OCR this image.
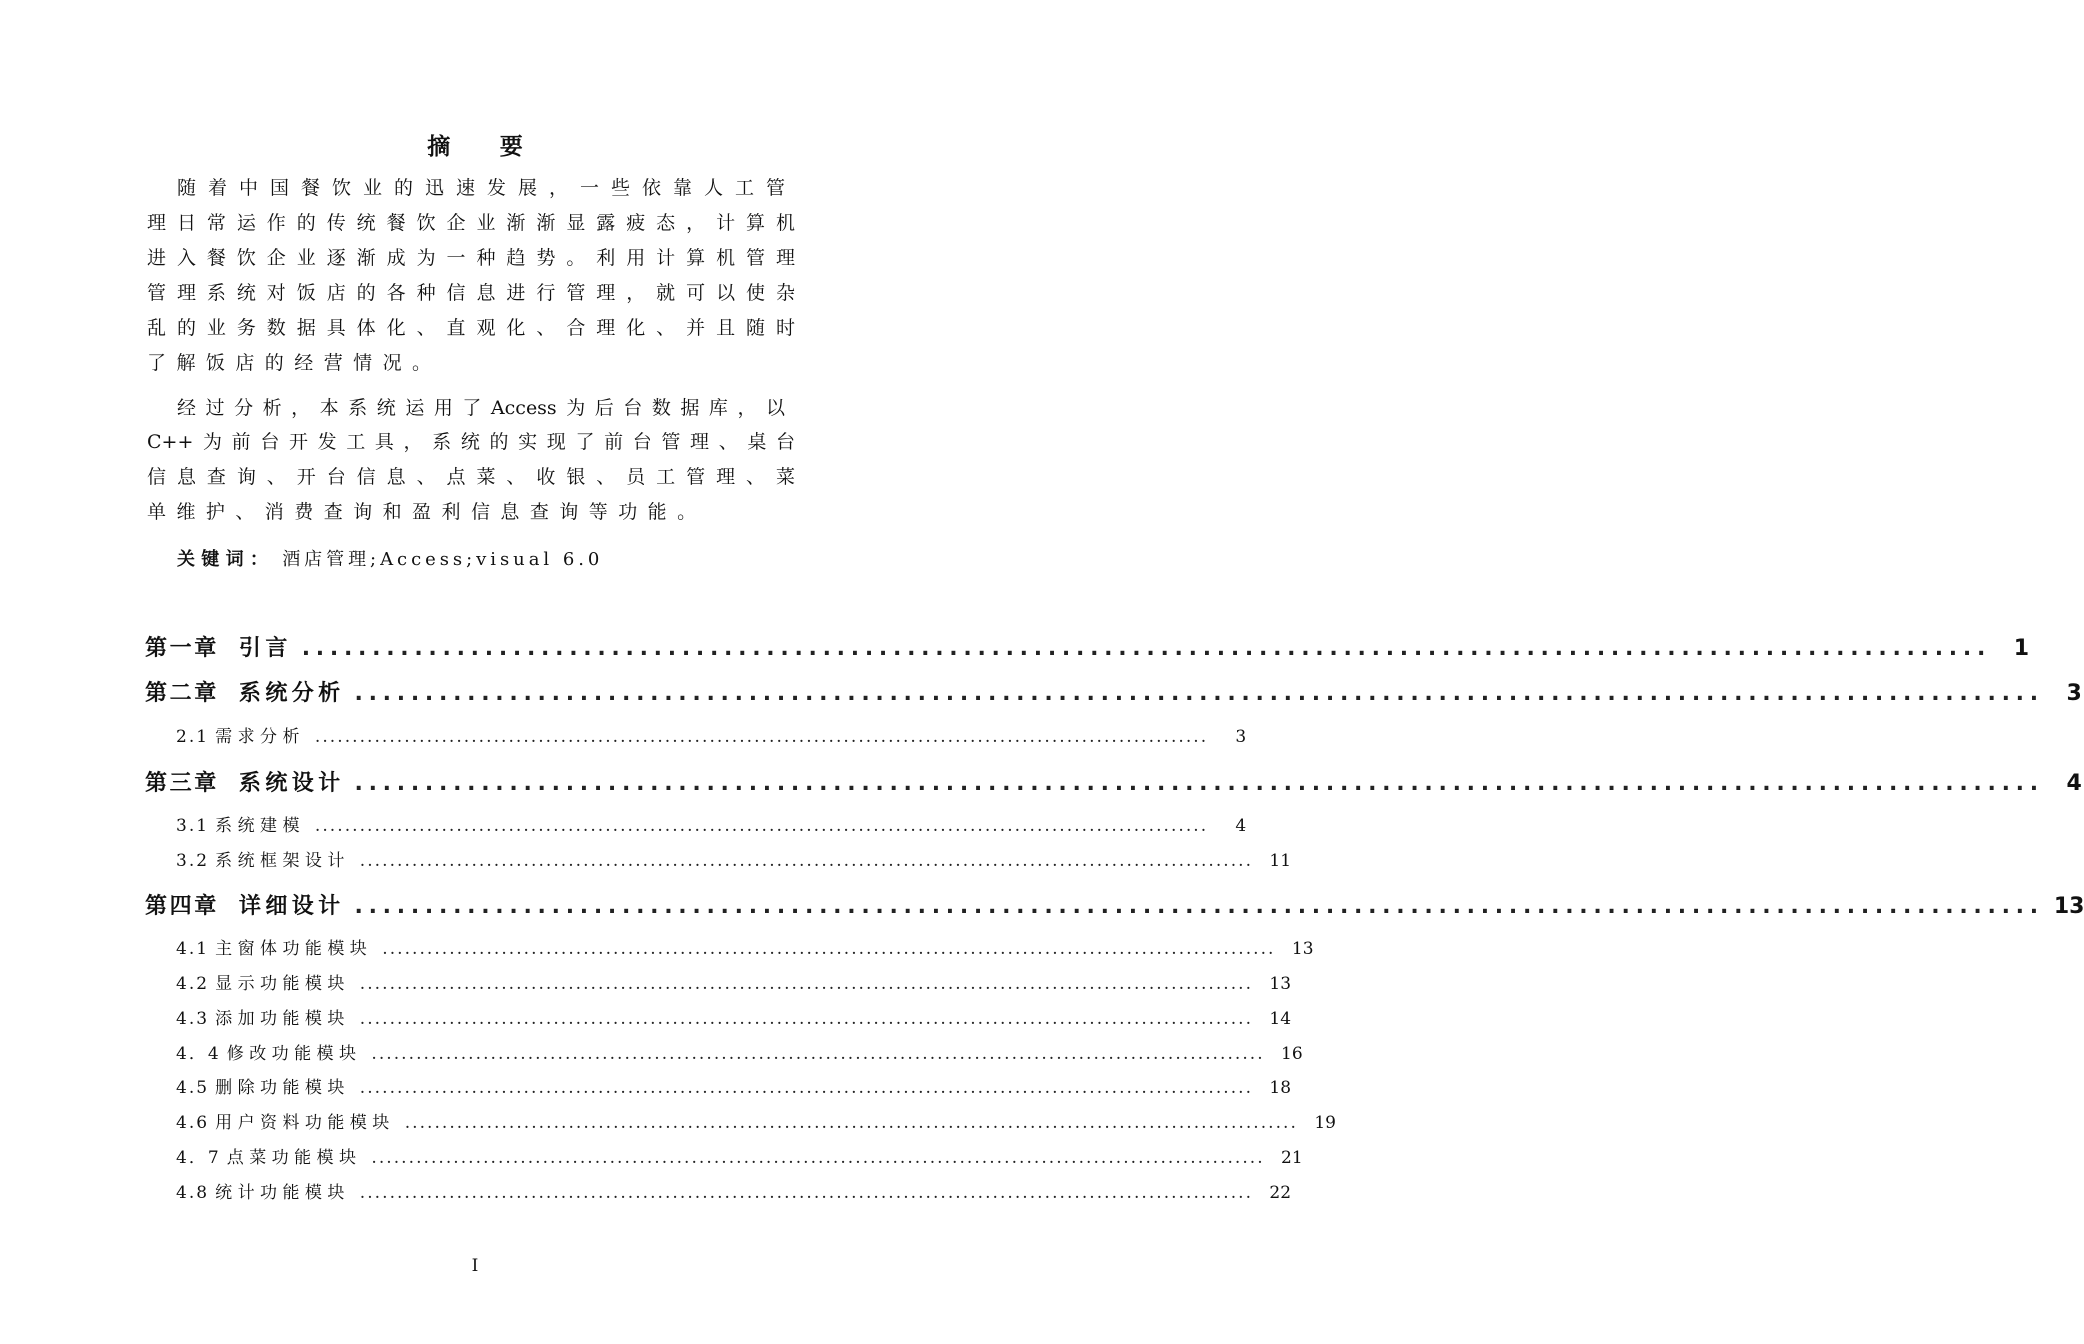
摘 要
随着中国餐饮业的迅速发展，一些依靠人工管
理日常运作的传统餐饮企业渐渐显露疲态，计算机
进入餐饮企业逐渐成为一种趋势。利用计算机管理
管理系统对饭店的各种信息进行管理，就可以使杂
乱的业务数据具体化、直观化、合理化、并且随时
了解饭店的经营情况。
经过分析，本系统运用了Access为后台数据库，以
C++为前台开发工具，系统的实现了前台管理、桌台
信息查询、开台信息、点菜、收银、员工管理、菜
单维护、消费查询和盈利信息查询等功能。
关键词： 酒店管理;Access;visual 6.0
第一章 引言 ........................................................................................................................	1
第二章 系统分析 ........................................................................................................................	3
2.1 需求分析 ........................................................................................................................	3
第三章 系统设计 ........................................................................................................................	4
3.1 系统建模 ........................................................................................................................	4
3.2 系统框架设计 ........................................................................................................................ 11
第四章 详细设计 ........................................................................................................................ 13
4.1 主窗体功能模块 ........................................................................................................................ 13
4.2 显示功能模块 ........................................................................................................................ 13
4.3 添加功能模块 ........................................................................................................................ 14
4．4 修改功能模块 ........................................................................................................................ 16
4.5 删除功能模块 ........................................................................................................................ 18
4.6 用户资料功能模块 ........................................................................................................................ 19
4．7 点菜功能模块 ........................................................................................................................ 21
4.8 统计功能模块 ........................................................................................................................ 22
I
